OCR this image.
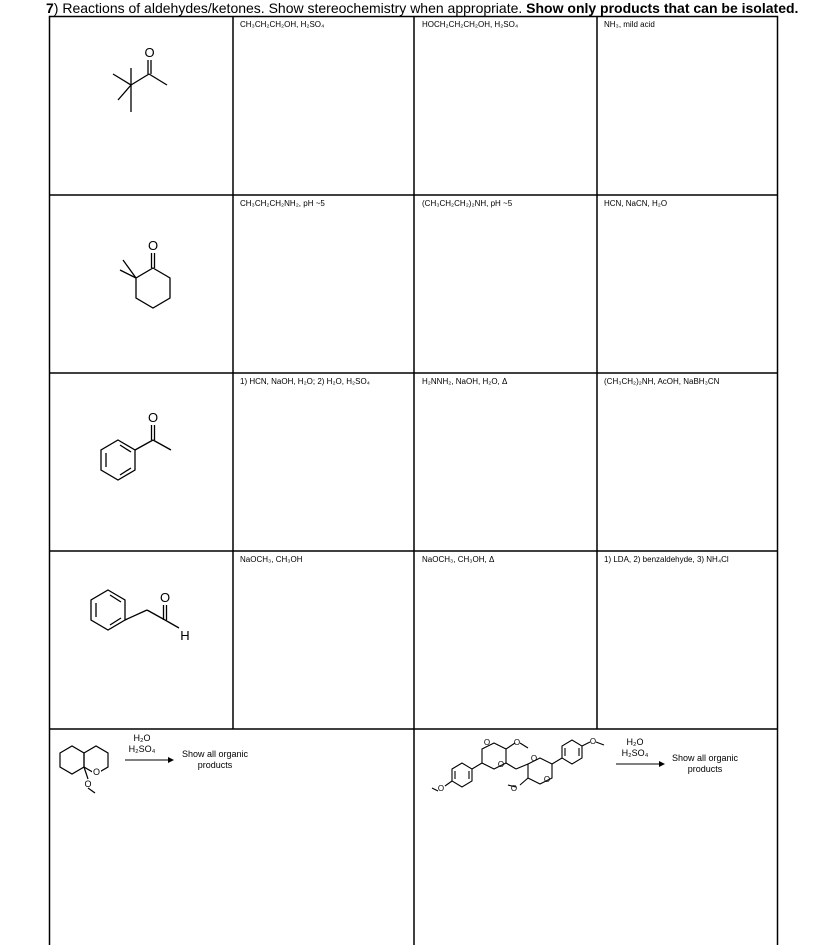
7) Reactions of aldehydes/ketones. Show stereochemistry when appropriate. Show only products that can be isolated.
CH₃CH₂CH₂OH, H₂SO₄	HOCH₂CH₂CH₂OH, H₂SO₄	NH₃, mild acid
CH₃CH₂CH₂NH₂, pH ~5	(CH₃CH₂CH₂)₂NH, pH ~5	HCN, NaCN, H₂O
1) HCN, NaOH, H₂O; 2) H₂O, H₂SO₄	H₂NNH₂, NaOH, H₂O, Δ	(CH₃CH₂)₂NH, AcOH, NaBH₃CN
NaOCH₃, CH₃OH	NaOCH₃, CH₃OH, Δ	1) LDA, 2) benzaldehyde, 3) NH₄Cl
O
O
O
O
H
O
O
H₂O
H₂SO₄	Show all organic
products
O
O	O
O
O
O
O
O	H₂O
H₂SO₄	Show all organic
products
